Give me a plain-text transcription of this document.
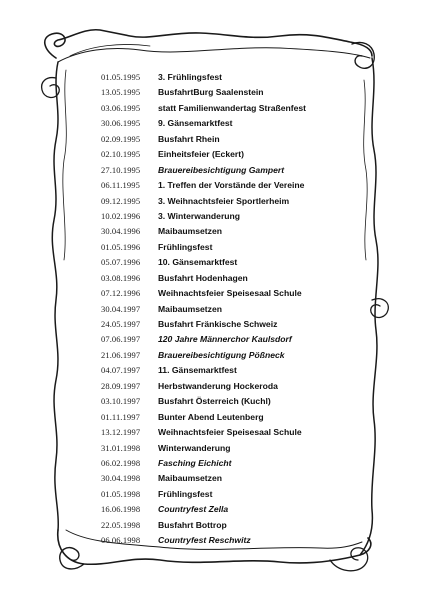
01.05.1995	3. Frühlingsfest
13.05.1995	BusfahrtBurg Saalenstein
03.06.1995	statt Familienwandertag Straßenfest
30.06.1995	9. Gänsemarktfest
02.09.1995	Busfahrt Rhein
02.10.1995	Einheitsfeier (Eckert)
27.10.1995	Brauereibesichtigung Gampert
06.11.1995	1. Treffen der Vorstände der Vereine
09.12.1995	3. Weihnachtsfeier Sportlerheim
10.02.1996	3. Winterwanderung
30.04.1996	Maibaumsetzen
01.05.1996	Frühlingsfest
05.07.1996	10. Gänsemarktfest
03.08.1996	Busfahrt Hodenhagen
07.12.1996	Weihnachtsfeier Speisesaal Schule
30.04.1997	Maibaumsetzen
24.05.1997	Busfahrt Fränkische Schweiz
07.06.1997	120 Jahre Männerchor Kaulsdorf
21.06.1997	Brauereibesichtigung Pößneck
04.07.1997	11. Gänsemarktfest
28.09.1997	Herbstwanderung Hockeroda
03.10.1997	Busfahrt Österreich (Kuchl)
01.11.1997	Bunter Abend Leutenberg
13.12.1997	Weihnachtsfeier Speisesaal Schule
31.01.1998	Winterwanderung
06.02.1998	Fasching Eichicht
30.04.1998	Maibaumsetzen
01.05.1998	Frühlingsfest
16.06.1998	Countryfest Zella
22.05.1998	Busfahrt Bottrop
06.06.1998	Countryfest Reschwitz
